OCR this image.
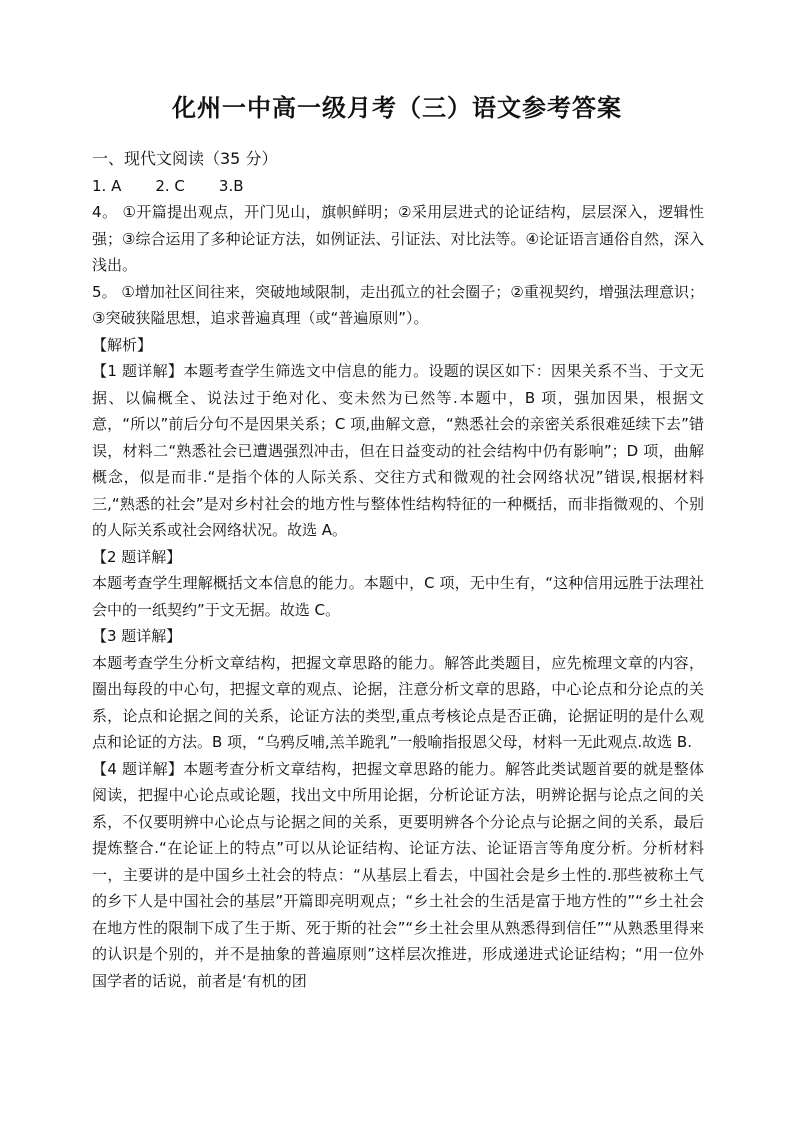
化州一中高一级月考（三）语文参考答案

一、现代文阅读（35 分）

1. A 2. C 3.B

4。 ①开篇提出观点，开门见山，旗帜鲜明；②采用层进式的论证结构，层层深入，逻辑性强；③综合运用了多种论证方法，如例证法、引证法、对比法等。④论证语言通俗自然，深入浅出。

5。 ①增加社区间往来，突破地域限制，走出孤立的社会圈子；②重视契约，增强法理意识；③突破狭隘思想，追求普遍真理（或“普遍原则”）。

【解析】

【1 题详解】本题考查学生筛选文中信息的能力。设题的误区如下：因果关系不当、于文无据、以偏概全、说法过于绝对化、变未然为已然等.本题中，B 项，强加因果，根据文意，“所以”前后分句不是因果关系；C 项,曲解文意，“熟悉社会的亲密关系很难延续下去”错误，材料二“熟悉社会已遭遇强烈冲击，但在日益变动的社会结构中仍有影响”；D 项，曲解概念，似是而非.“是指个体的人际关系、交往方式和微观的社会网络状况”错误,根据材料三,“熟悉的社会”是对乡村社会的地方性与整体性结构特征的一种概括，而非指微观的、个别的人际关系或社会网络状况。故选 A。

【2 题详解】

本题考查学生理解概括文本信息的能力。本题中，C 项，无中生有，“这种信用远胜于法理社会中的一纸契约”于文无据。故选 C。

【3 题详解】

本题考查学生分析文章结构，把握文章思路的能力。解答此类题目，应先梳理文章的内容，圈出每段的中心句，把握文章的观点、论据，注意分析文章的思路，中心论点和分论点的关系，论点和论据之间的关系，论证方法的类型,重点考核论点是否正确，论据证明的是什么观点和论证的方法。B 项，“乌鸦反哺,羔羊跪乳”一般喻指报恩父母，材料一无此观点.故选 B.

【4 题详解】本题考查分析文章结构，把握文章思路的能力。解答此类试题首要的就是整体阅读，把握中心论点或论题，找出文中所用论据，分析论证方法，明辨论据与论点之间的关系，不仅要明辨中心论点与论据之间的关系，更要明辨各个分论点与论据之间的关系，最后提炼整合.“在论证上的特点”可以从论证结构、论证方法、论证语言等角度分析。分析材料一，主要讲的是中国乡土社会的特点：“从基层上看去，中国社会是乡土性的.那些被称土气的乡下人是中国社会的基层”开篇即亮明观点；“乡土社会的生活是富于地方性的”“乡土社会在地方性的限制下成了生于斯、死于斯的社会”“乡土社会里从熟悉得到信任”“从熟悉里得来的认识是个别的，并不是抽象的普遍原则”这样层次推进，形成递进式论证结构；“用一位外国学者的话说，前者是‘有机的团
